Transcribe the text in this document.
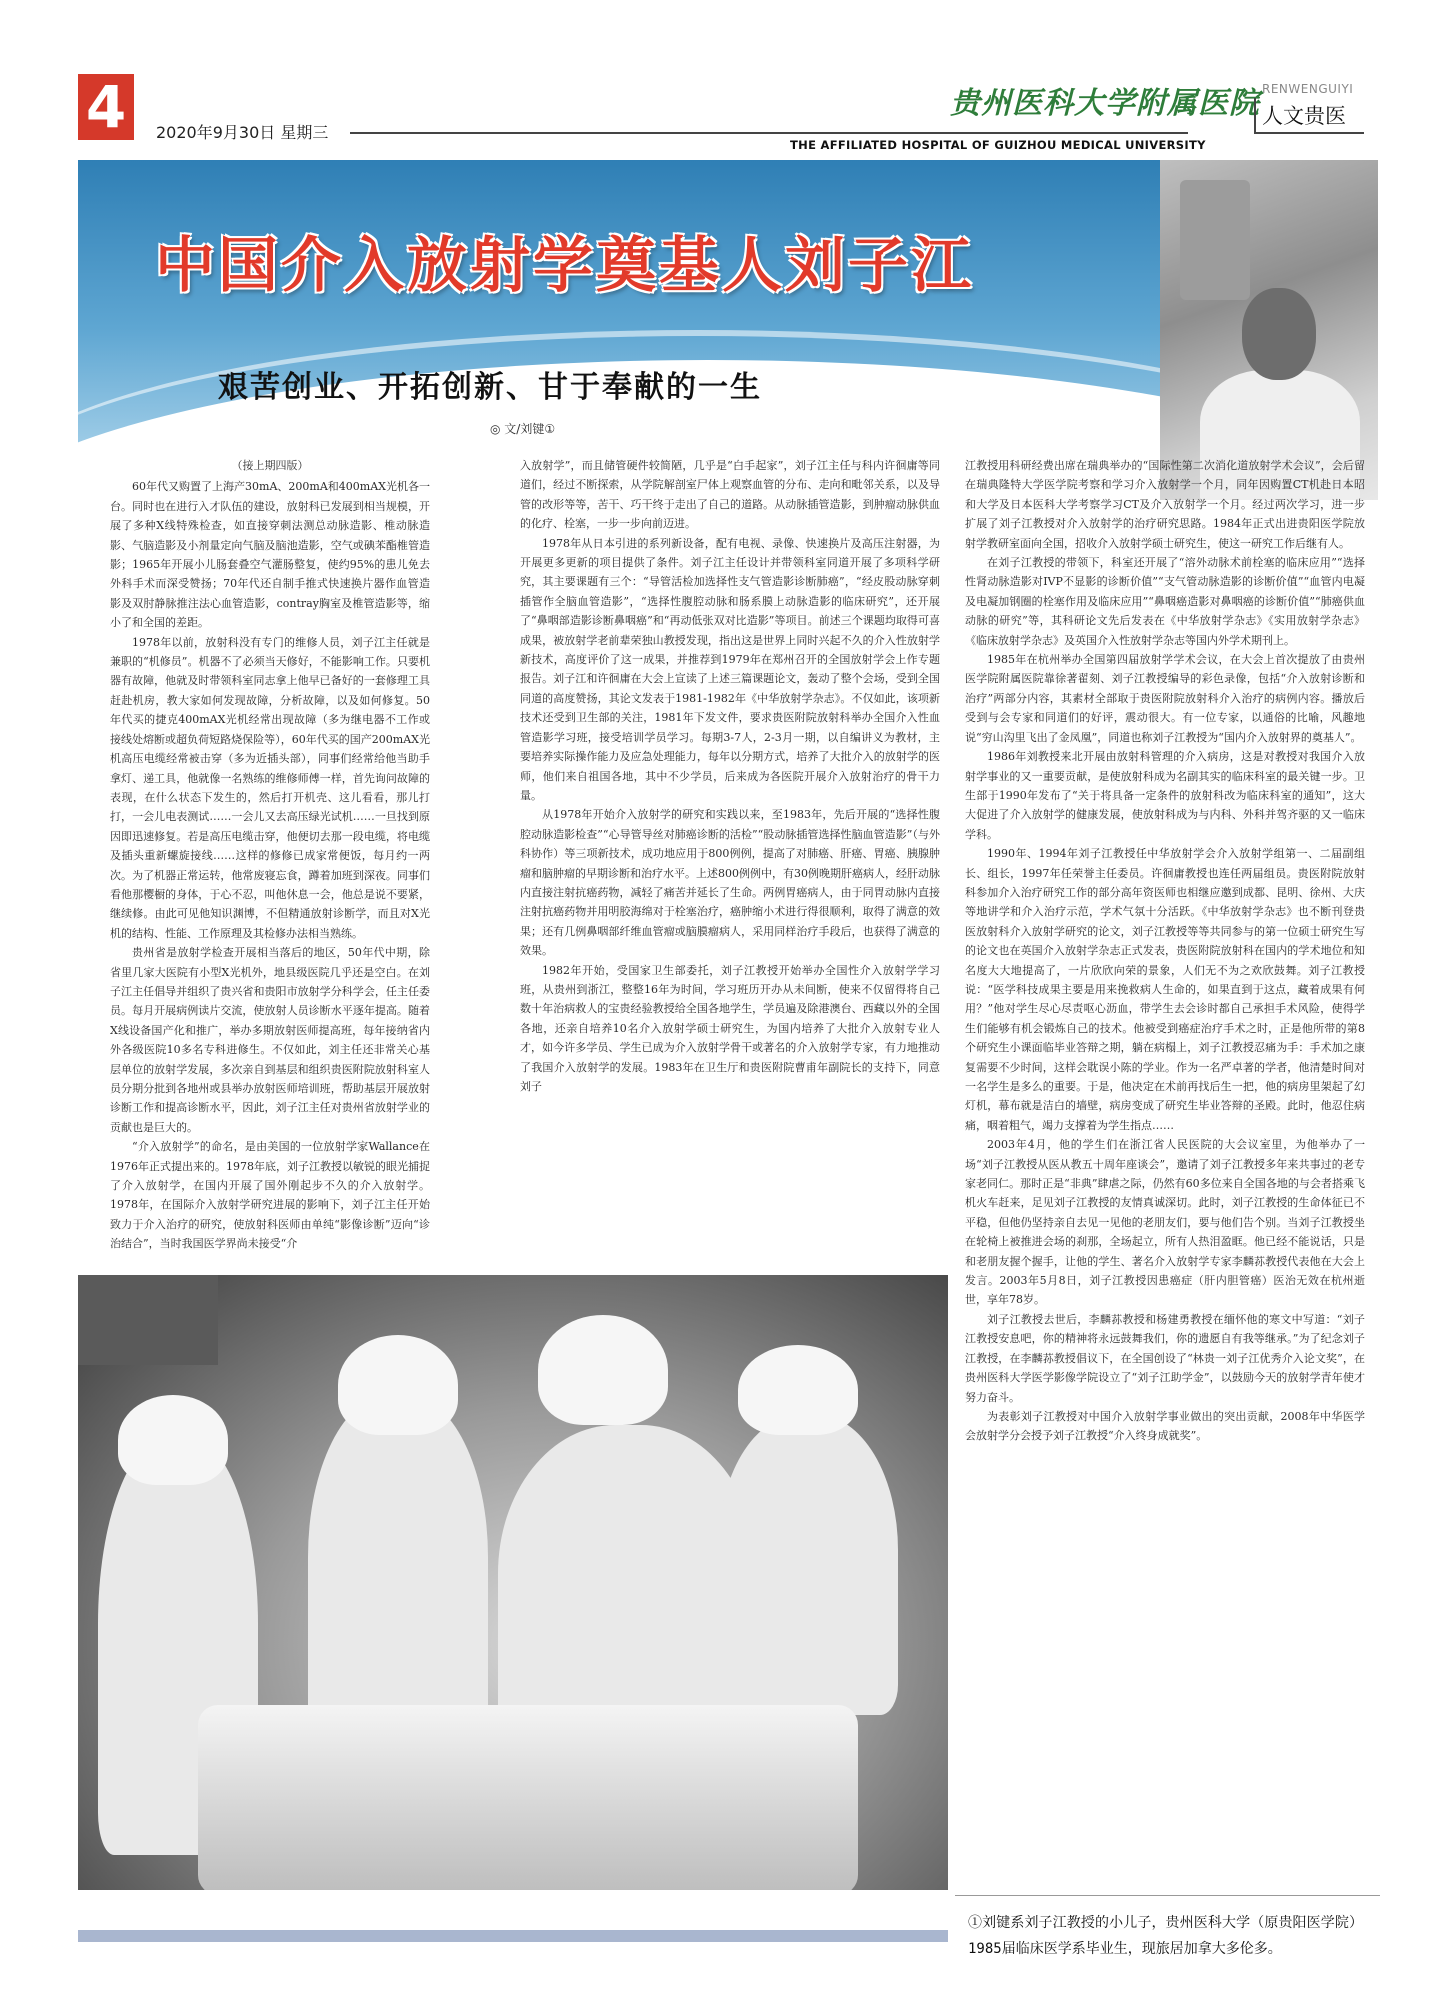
4	2020年9月30日 星期三
贵州医科大学附属医院
THE AFFILIATED HOSPITAL OF GUIZHOU MEDICAL UNIVERSITY
RENWENGUIYI
人文贵医
中国介入放射学奠基人刘子江
艰苦创业、开拓创新、甘于奉献的一生
◎ 文/刘键①

（接上期四版）

60年代又购置了上海产30mA、200mA和400mAX光机各一台。同时也在进行入才队伍的建设，放射科已发展到相当规模，开展了多种X线特殊检查，如直接穿刺法测总动脉造影、椎动脉造影、气脑造影及小剂量定向气脑及脑池造影，空气或碘苯酯椎管造影；1965年开展小儿肠套叠空气灌肠整复，使约95%的患儿免去外科手术而深受赞扬；70年代还自制手推式快速换片器作血管造影及双肘静脉推注法心血管造影，contray胸室及椎管造影等，缩小了和全国的差距。

1978年以前，放射科没有专门的维修人员，刘子江主任就是兼职的“机修员”。机器不了必须当天修好，不能影响工作。只要机器有故障，他就及时带领科室同志拿上他早已备好的一套修理工具赶赴机房，教大家如何发现故障，分析故障，以及如何修复。50年代买的捷克400mAX光机经常出现故障（多为继电器不工作或接线处熔断或超负荷短路烧保险等），60年代买的国产200mAX光机高压电缆经常被击穿（多为近插头部），同事们经常给他当助手拿灯、递工具，他就像一名熟练的维修师傅一样，首先询问故障的表现，在什么状态下发生的，然后打开机壳、这儿看看，那儿打打，一会儿电表测试……一会儿又去高压绿光试机……一旦找到原因即迅速修复。若是高压电缆击穿，他便切去那一段电缆，将电缆及插头重新螺旋接线……这样的修修已成家常便饭，每月约一两次。为了机器正常运转，他常废寝忘食，蹲着加班到深夜。同事们看他那樱橱的身体，于心不忍，叫他休息一会，他总是说不要紧，继续修。由此可见他知识渊博，不但精通放射诊断学，而且对X光机的结构、性能、工作原理及其检修办法相当熟练。

贵州省是放射学检查开展相当落后的地区，50年代中期，除省里几家大医院有小型X光机外，地县级医院几乎还是空白。在刘子江主任倡导并组织了贵兴省和贵阳市放射学分科学会，任主任委员。每月开展病例读片交流，使放射人员诊断水平逐年提高。随着X线设备国产化和推广，举办多期放射医师提高班，每年接纳省内外各级医院10多名专科进修生。不仅如此，刘主任还非常关心基层单位的放射学发展，多次亲自到基层和组织贵医附院放射科室人员分期分批到各地州或县举办放射医师培训班，帮助基层开展放射诊断工作和提高诊断水平，因此，刘子江主任对贵州省放射学业的贡献也是巨大的。

“介入放射学”的命名，是由美国的一位放射学家Wallance在1976年正式提出来的。1978年底，刘子江教授以敏锐的眼光捕捉了介入放射学，在国内开展了国外刚起步不久的介入放射学。1978年，在国际介入放射学研究进展的影响下，刘子江主任开始致力于介入治疗的研究，使放射科医师由单纯“影像诊断”迈向“诊治结合”，当时我国医学界尚未接受“介

入放射学”，而且储管硬件较简陋，几乎是“白手起家”，刘子江主任与科内许徊庸等同道们，经过不断探索，从学院解剖室尸体上观察血管的分布、走向和毗邻关系，以及导管的改形等等，苦干、巧干终于走出了自己的道路。从动脉插管造影，到肿瘤动脉供血的化疗、栓塞，一步一步向前迈进。

1978年从日本引进的系列新设备，配有电视、录像、快速换片及高压注射器，为开展更多更新的项目提供了条件。刘子江主任设计并带领科室同道开展了多项科学研究，其主要课题有三个：“导管活检加选择性支气管造影诊断肺癌”，“经皮股动脉穿刺插管作全脑血管造影”，“选择性腹腔动脉和肠系膜上动脉造影的临床研究”，还开展了“鼻咽部造影诊断鼻咽癌”和“再动低张双对比造影”等项目。前述三个课题均取得可喜成果，被放射学老前辈荣独山教授发现，指出这是世界上同时兴起不久的介入性放射学新技术，高度评价了这一成果，并推荐到1979年在郑州召开的全国放射学会上作专题报告。刘子江和许徊庸在大会上宣读了上述三篇课题论文，轰动了整个会场，受到全国同道的高度赞扬，其论文发表于1981-1982年《中华放射学杂志》。不仅如此，该项新技术还受到卫生部的关注，1981年下发文件，要求贵医附院放射科举办全国介入性血管造影学习班，接受培训学员学习。每期3-7人，2-3月一期，以自编讲义为教材，主要培养实际操作能力及应急处理能力，每年以分期方式，培养了大批介入的放射学的医师，他们来自祖国各地，其中不少学员，后来成为各医院开展介入放射治疗的骨干力量。

从1978年开始介入放射学的研究和实践以来，至1983年，先后开展的“选择性腹腔动脉造影检查”“心导管导丝对肺癌诊断的活检”“股动脉插管选择性脑血管造影”（与外科协作）等三项新技术，成功地应用于800例例，提高了对肺癌、肝癌、胃癌、胰腺肿瘤和脑肿瘤的早期诊断和治疗水平。上述800例例中，有30例晚期肝癌病人，经肝动脉内直接注射抗癌药物，减轻了痛苦并延长了生命。两例胃癌病人，由于同胃动脉内直接注射抗癌药物并用明胶海绵对于栓塞治疗，癌肿缩小术进行得很顺利，取得了满意的效果；还有几例鼻咽部纤维血管瘤或脑膜瘤病人，采用同样治疗手段后，也获得了满意的效果。

1982年开始，受国家卫生部委托，刘子江教授开始举办全国性介入放射学学习班，从贵州到浙江，整整16年为时间，学习班历开办从未间断，使来不仅留得将自己数十年治病救人的宝贵经验教授给全国各地学生，学员遍及除港澳台、西藏以外的全国各地，还亲自培养10名介入放射学硕士研究生，为国内培养了大批介入放射专业人才，如今许多学员、学生已成为介入放射学骨干或著名的介入放射学专家，有力地推动了我国介入放射学的发展。1983年在卫生厅和贵医附院曹甫年副院长的支持下，同意刘子

江教授用科研经费出席在瑞典举办的“国际性第二次消化道放射学术会议”，会后留在瑞典隆特大学医学院考察和学习介入放射学一个月，同年因购置CT机赴日本昭和大学及日本医科大学考察学习CT及介入放射学一个月。经过两次学习，进一步扩展了刘子江教授对介入放射学的治疗研究思路。1984年正式出进贵阳医学院放射学教研室面向全国，招收介入放射学硕士研究生，使这一研究工作后继有人。

在刘子江教授的带领下，科室还开展了“溶外动脉术前栓塞的临床应用”“选择性肾动脉造影对IVP不显影的诊断价值”“支气管动脉造影的诊断价值”“血管内电凝及电凝加钢圈的栓塞作用及临床应用”“鼻咽癌造影对鼻咽癌的诊断价值”“肺癌供血动脉的研究”等，其科研论文先后发表在《中华放射学杂志》《实用放射学杂志》《临床放射学杂志》及英国介入性放射学杂志等国内外学术期刊上。

1985年在杭州举办全国第四届放射学学术会议，在大会上首次提放了由贵州医学院附属医院靠徐著翟刻、刘子江教授编导的彩色录像，包括“介入放射诊断和治疗”两部分内容，其素材全部取于贵医附院放射科介入治疗的病例内容。播放后受到与会专家和同道们的好评，震动很大。有一位专家，以通俗的比喻，风趣地说“穷山沟里飞出了金凤凰”，同道也称刘子江教授为“国内介入放射界的奠基人”。

1986年刘教授来北开展由放射科管理的介入病房，这是对教授对我国介入放射学事业的又一重要贡献，是使放射科成为名副其实的临床科室的最关键一步。卫生部于1990年发布了“关于将具备一定条件的放射科改为临床科室的通知”，这大大促进了介入放射学的健康发展，使放射科成为与内科、外科并驾齐驱的又一临床学科。

1990年、1994年刘子江教授任中华放射学会介入放射学组第一、二届副组长、组长，1997年任荣誉主任委员。许徊庸教授也连任两届组员。贵医附院放射科参加介入治疗研究工作的部分高年资医师也相继应邀到成都、昆明、徐州、大庆等地讲学和介入治疗示范，学术气氛十分活跃。《中华放射学杂志》也不断刊登贵医放射科介入放射学研究的论文，刘子江教授等等共同参与的第一位硕士研究生写的论文也在英国介入放射学杂志正式发表，贵医附院放射科在国内的学术地位和知名度大大地提高了，一片欣欣向荣的景象，人们无不为之欢欣鼓舞。刘子江教授说：“医学科技成果主要是用来挽救病人生命的，如果直到于这点，藏着成果有何用？”他对学生尽心尽责呕心沥血，带学生去会诊时都自己承担手术风险，使得学生们能够有机会锻炼自己的技术。他被受到癌症治疗手术之时，正是他所带的第8个研究生小课面临毕业答辩之期，躺在病榻上，刘子江教授忍痛为手：手术加之康复需要不少时间，这样会耽误小陈的学业。作为一名严卓著的学者，他清楚时间对一名学生是多么的重要。于是，他决定在术前再找后生一把，他的病房里架起了幻灯机，幕布就是洁白的墙壁，病房变成了研究生毕业答辩的圣殿。此时，他忍住病痛，咽着粗气，竭力支撑着为学生指点……

2003年4月，他的学生们在浙江省人民医院的大会议室里，为他举办了一场“刘子江教授从医从教五十周年座谈会”，邀请了刘子江教授多年来共事过的老专家老同仁。那时正是“非典”肆虐之际，仍然有60多位来自全国各地的与会者搭乘飞机火车赶来，足见刘子江教授的友情真诚深切。此时，刘子江教授的生命体征已不平稳，但他仍坚持亲自去见一见他的老朋友们，要与他们告个别。当刘子江教授坐在轮椅上被推进会场的刹那，全场起立，所有人热泪盈眶。他已经不能说话，只是和老朋友握个握手，让他的学生、著名介入放射学专家李麟荪教授代表他在大会上发言。2003年5月8日，刘子江教授因患癌症（肝内胆管癌）医治无效在杭州逝世，享年78岁。

刘子江教授去世后，李麟荪教授和杨建勇教授在缅怀他的寒文中写道：“刘子江教授安息吧，你的精神将永远鼓舞我们，你的遗愿自有我等继承。”为了纪念刘子江教授，在李麟荪教授倡议下，在全国创设了“林贵一刘子江优秀介入论文奖”，在贵州医科大学医学影像学院设立了“刘子江助学金”，以鼓励今天的放射学青年使才努力奋斗。

为表彰刘子江教授对中国介入放射学事业做出的突出贡献，2008年中华医学会放射学分会授予刘子江教授“介入终身成就奖”。

①刘键系刘子江教授的小儿子，贵州医科大学（原贵阳医学院）1985届临床医学系毕业生，现旅居加拿大多伦多。
